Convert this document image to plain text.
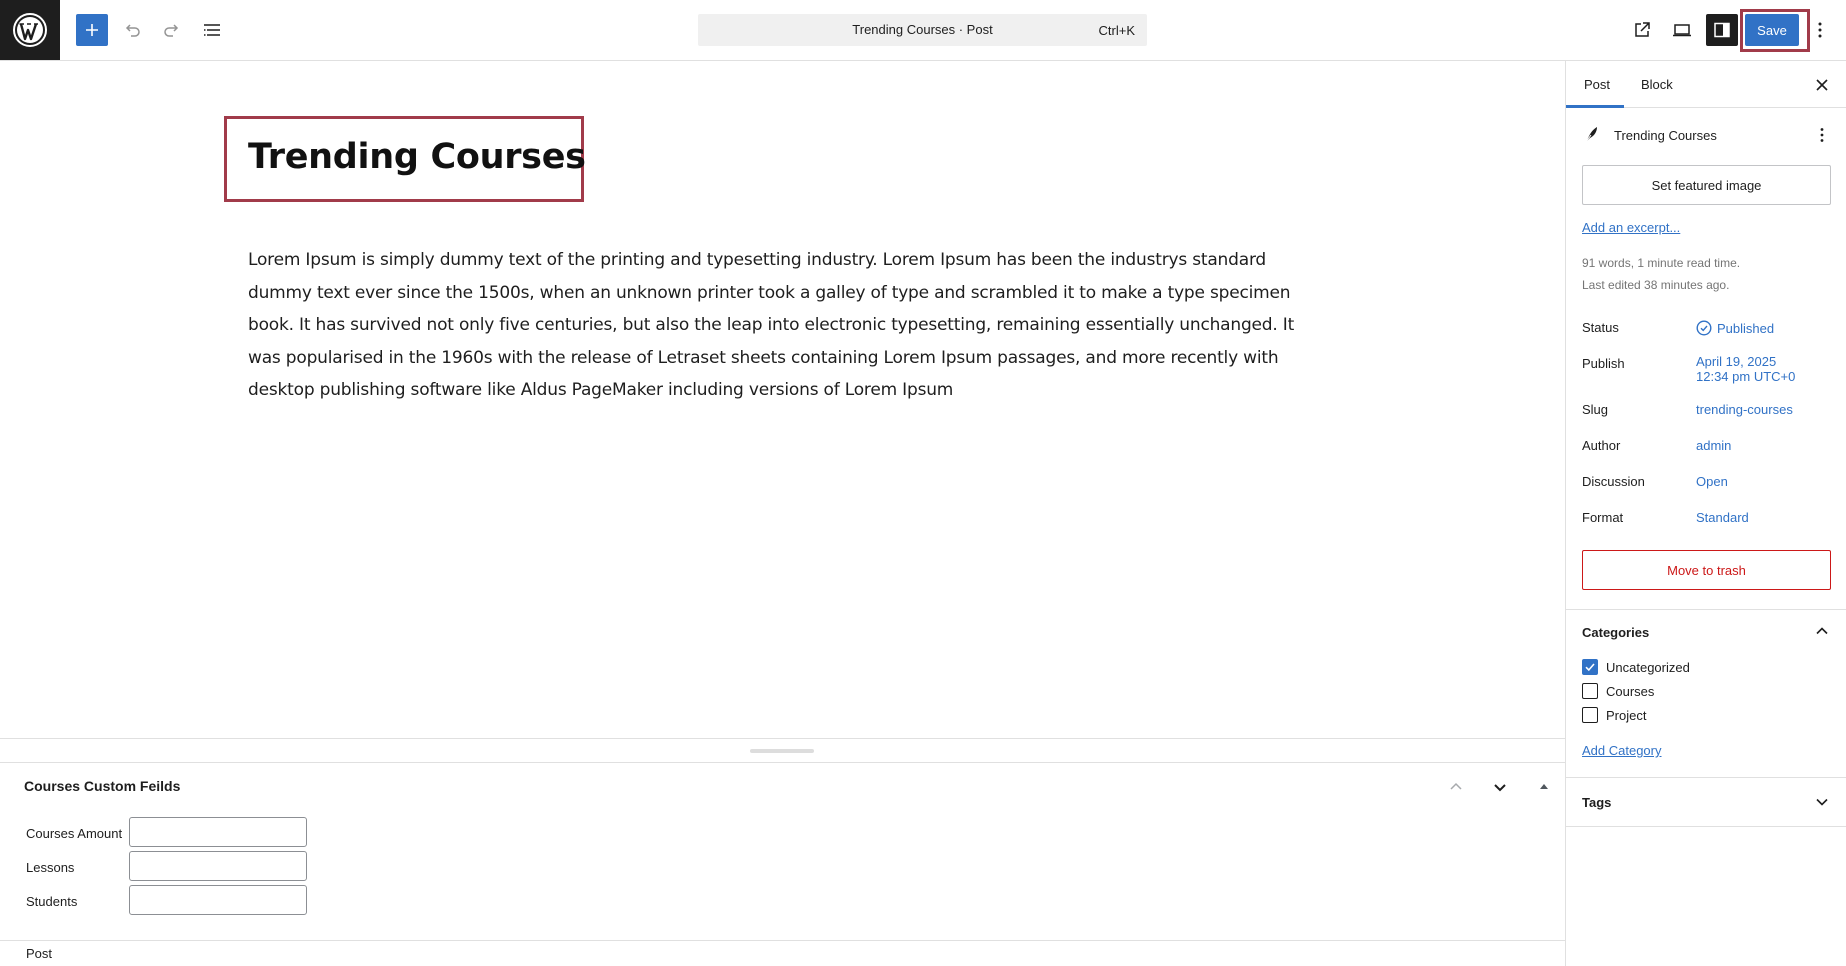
Trending Courses · Post	Ctrl+K	Save
Trending Courses

Lorem Ipsum is simply dummy text of the printing and typesetting industry. Lorem Ipsum has been the industrys standard dummy text ever since the 1500s, when an unknown printer took a galley of type and scrambled it to make a type specimen book. It has survived not only five centuries, but also the leap into electronic typesetting, remaining essentially unchanged. It was popularised in the 1960s with the release of Letraset sheets containing Lorem Ipsum passages, and more recently with desktop publishing software like Aldus PageMaker including versions of Lorem Ipsum

Courses Custom Feilds
Courses Amount
Lessons
Students
Post
Post Block
Trending Courses
Set featured image
Add an excerpt...
91 words, 1 minute read time.
Last edited 38 minutes ago.
Status	Published
Publish	April 19, 2025
12:34 pm UTC+0
Slug	trending-courses
Author	admin
Discussion	Open
Format	Standard
Move to trash
Categories
Uncategorized
Courses
Project
Add Category
Tags
